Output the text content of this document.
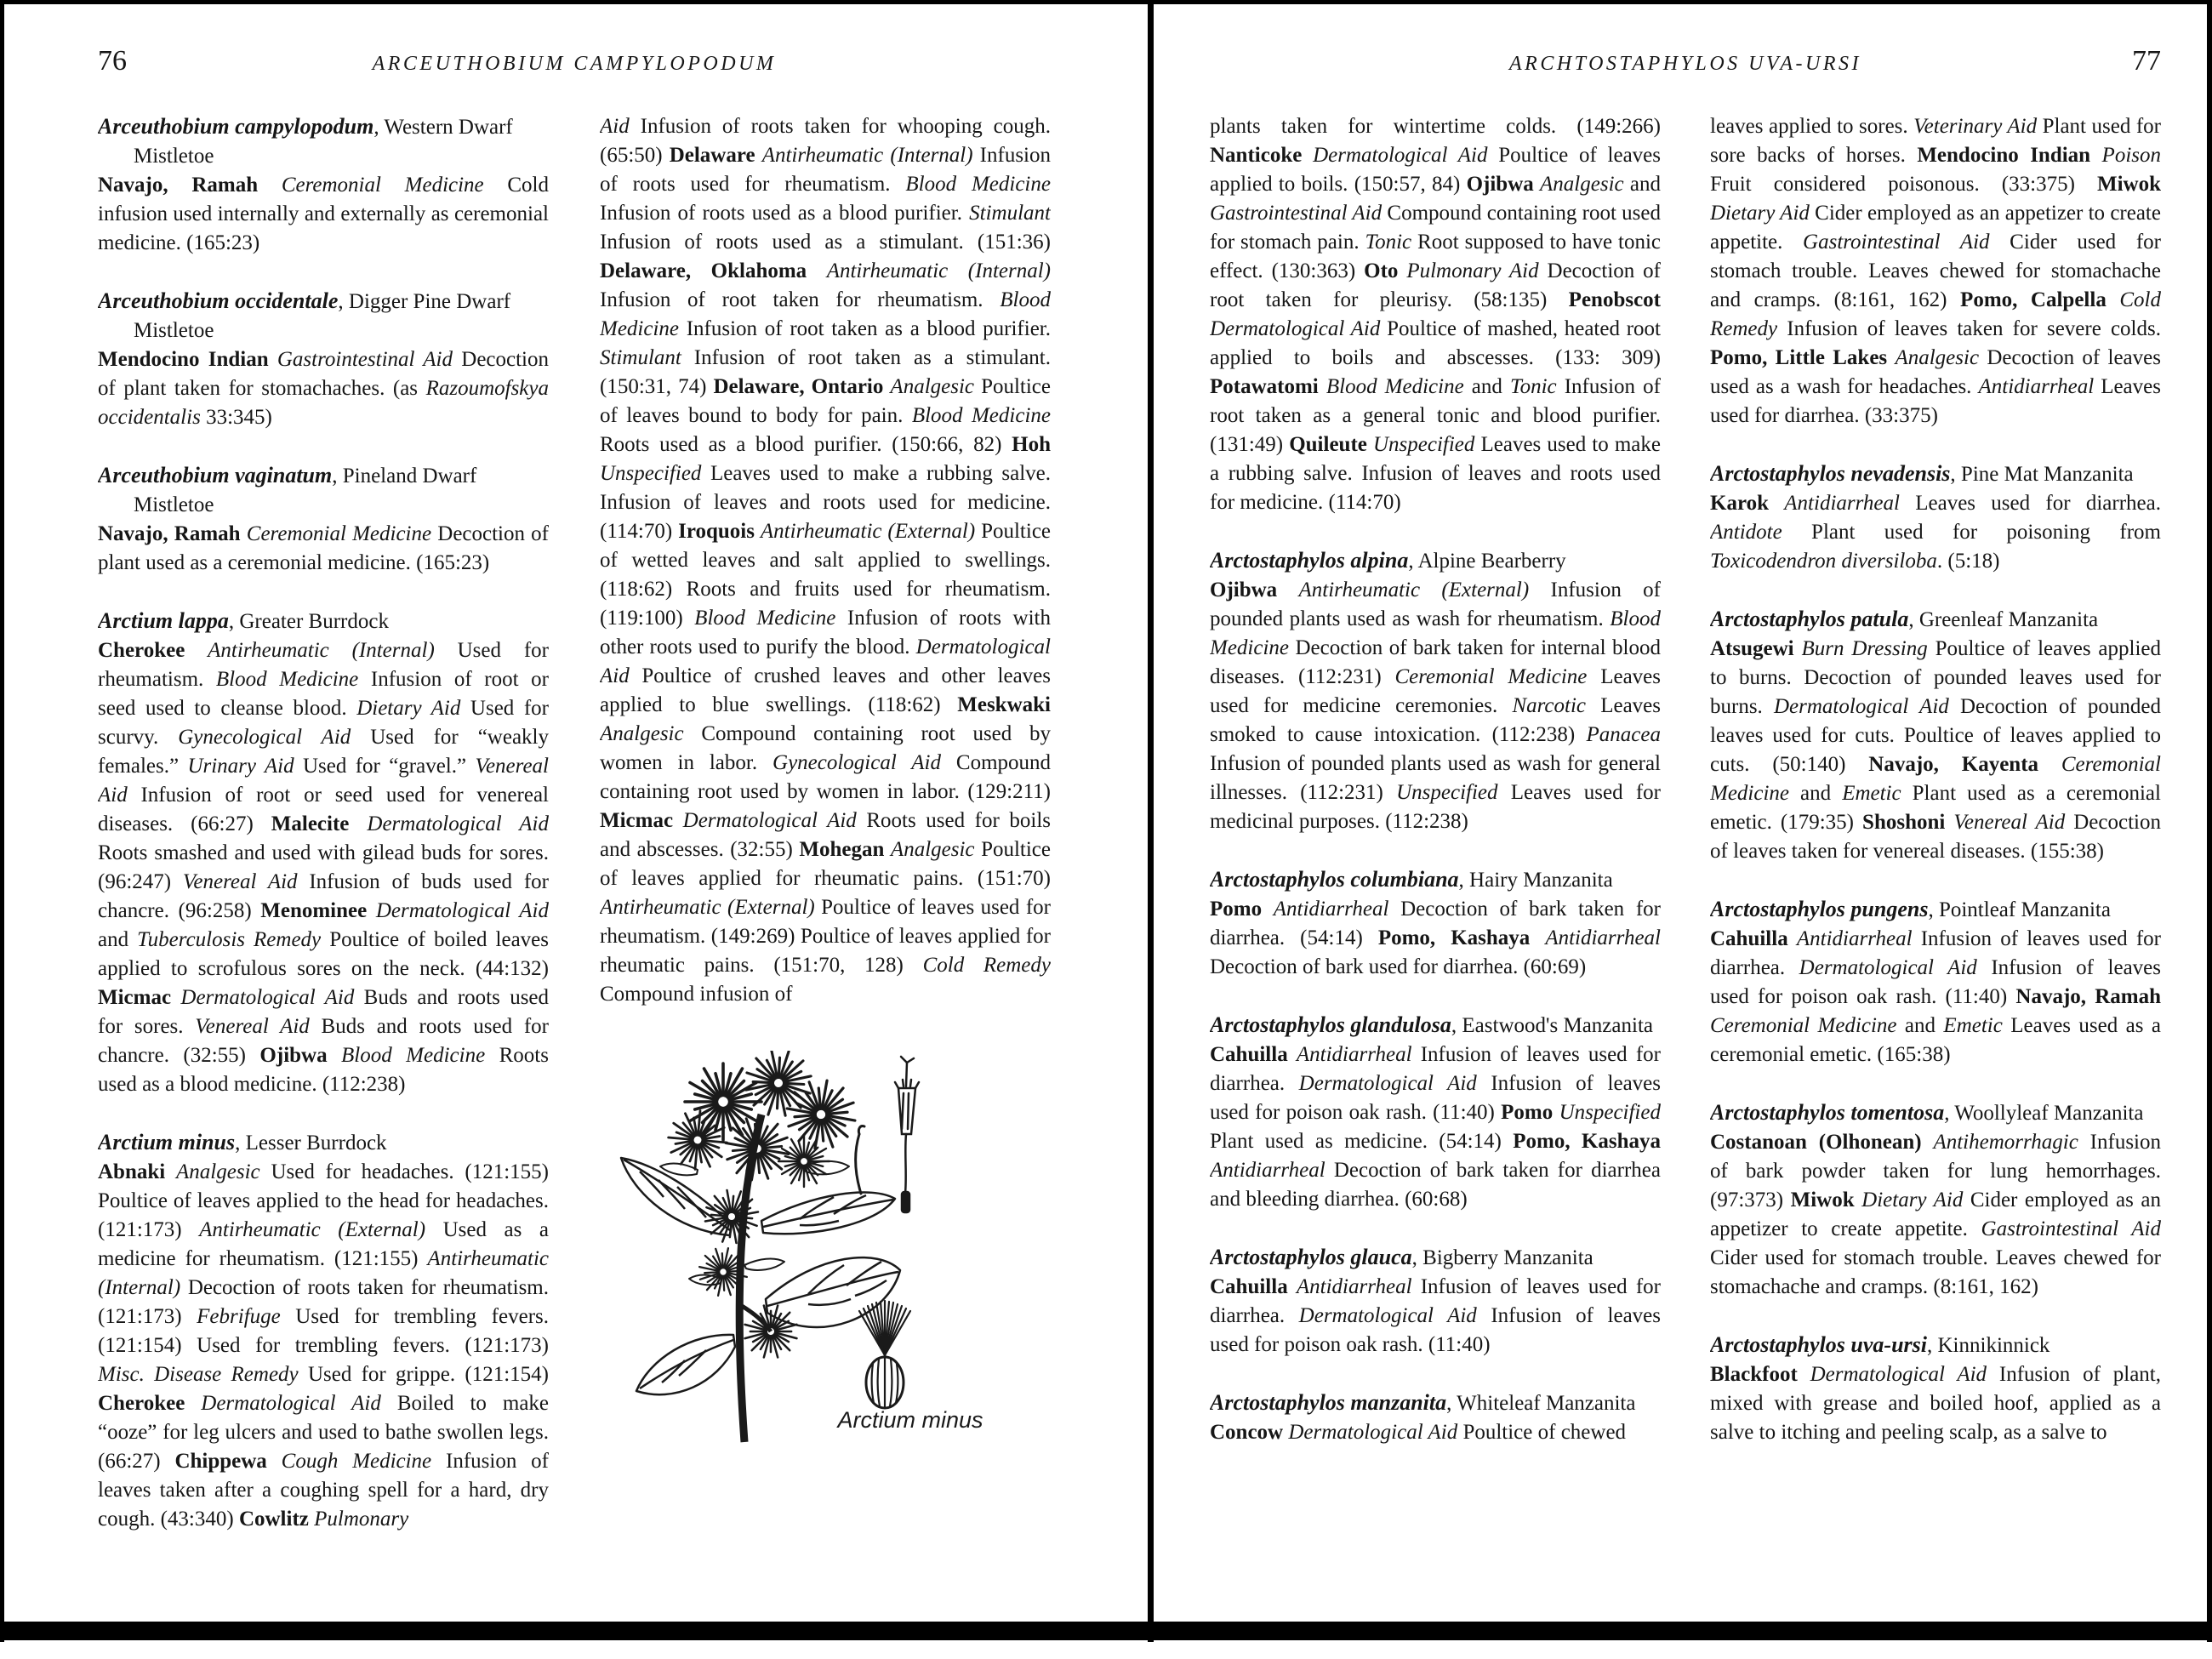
76	ARCEUTHOBIUM CAMPYLOPODUM	ARCHTOSTAPHYLOS UVA-URSI	77
Arceuthobium campylopodum, Western Dwarf Mistletoe

Navajo, Ramah Ceremonial Medicine Cold infusion used internally and externally as ceremonial medicine. (165:23)

Arceuthobium occidentale, Digger Pine Dwarf Mistletoe

Mendocino Indian Gastrointestinal Aid Decoction of plant taken for stomachaches. (as Razoumofskya occidentalis 33:345)

Arceuthobium vaginatum, Pineland Dwarf Mistletoe

Navajo, Ramah Ceremonial Medicine Decoction of plant used as a ceremonial medicine. (165:23)

Arctium lappa, Greater Burrdock

Cherokee Antirheumatic (Internal) Used for rheumatism. Blood Medicine Infusion of root or seed used to cleanse blood. Dietary Aid Used for scurvy. Gynecological Aid Used for “weakly females.” Urinary Aid Used for “gravel.” Venereal Aid Infusion of root or seed used for venereal diseases. (66:27) Malecite Dermatological Aid Roots smashed and used with gilead buds for sores. (96:247) Venereal Aid Infusion of buds used for chancre. (96:258) Menominee Dermatological Aid and Tuberculosis Remedy Poultice of boiled leaves applied to scrofulous sores on the neck. (44:132) Micmac Dermatological Aid Buds and roots used for sores. Venereal Aid Buds and roots used for chancre. (32:55) Ojibwa Blood Medicine Roots used as a blood medicine. (112:238)

Arctium minus, Lesser Burrdock

Abnaki Analgesic Used for headaches. (121:155) Poultice of leaves applied to the head for headaches. (121:173) Antirheumatic (External) Used as a medicine for rheumatism. (121:155) Antirheumatic (Internal) Decoction of roots taken for rheumatism. (121:173) Febrifuge Used for trembling fevers. (121:154) Used for trembling fevers. (121:173) Misc. Disease Remedy Used for grippe. (121:154) Cherokee Dermatological Aid Boiled to make “ooze” for leg ulcers and used to bathe swollen legs. (66:27) Chippewa Cough Medicine Infusion of leaves taken after a coughing spell for a hard, dry cough. (43:340) Cowlitz Pulmonary

Aid Infusion of roots taken for whooping cough. (65:50) Delaware Antirheumatic (Internal) Infusion of roots used for rheumatism. Blood Medicine Infusion of roots used as a blood purifier. Stimulant Infusion of roots used as a stimulant. (151:36) Delaware, Oklahoma Antirheumatic (Internal) Infusion of root taken for rheumatism. Blood Medicine Infusion of root taken as a blood purifier. Stimulant Infusion of root taken as a stimulant. (150:31, 74) Delaware, Ontario Analgesic Poultice of leaves bound to body for pain. Blood Medicine Roots used as a blood purifier. (150:66, 82) Hoh Unspecified Leaves used to make a rubbing salve. Infusion of leaves and roots used for medicine. (114:70) Iroquois Antirheumatic (External) Poultice of wetted leaves and salt applied to swellings. (118:62) Roots and fruits used for rheumatism. (119:100) Blood Medicine Infusion of roots with other roots used to purify the blood. Dermatological Aid Poultice of crushed leaves and other leaves applied to blue swellings. (118:62) Meskwaki Analgesic Compound containing root used by women in labor. Gynecological Aid Compound containing root used by women in labor. (129:211) Micmac Dermatological Aid Roots used for boils and abscesses. (32:55) Mohegan Analgesic Poultice of leaves applied for rheumatic pains. (151:70) Antirheumatic (External) Poultice of leaves used for rheumatism. (149:269) Poultice of leaves applied for rheumatic pains. (151:70, 128) Cold Remedy Compound infusion of

plants taken for wintertime colds. (149:266) Nanticoke Dermatological Aid Poultice of leaves applied to boils. (150:57, 84) Ojibwa Analgesic and Gastrointestinal Aid Compound containing root used for stomach pain. Tonic Root supposed to have tonic effect. (130:363) Oto Pulmonary Aid Decoction of root taken for pleurisy. (58:135) Penobscot Dermatological Aid Poultice of mashed, heated root applied to boils and abscesses. (133: 309) Potawatomi Blood Medicine and Tonic Infusion of root taken as a general tonic and blood purifier. (131:49) Quileute Unspecified Leaves used to make a rubbing salve. Infusion of leaves and roots used for medicine. (114:70)

Arctostaphylos alpina, Alpine Bearberry

Ojibwa Antirheumatic (External) Infusion of pounded plants used as wash for rheumatism. Blood Medicine Decoction of bark taken for internal blood diseases. (112:231) Ceremonial Medicine Leaves used for medicine ceremonies. Narcotic Leaves smoked to cause intoxication. (112:238) Panacea Infusion of pounded plants used as wash for general illnesses. (112:231) Unspecified Leaves used for medicinal purposes. (112:238)

Arctostaphylos columbiana, Hairy Manzanita

Pomo Antidiarrheal Decoction of bark taken for diarrhea. (54:14) Pomo, Kashaya Antidiarrheal Decoction of bark used for diarrhea. (60:69)

Arctostaphylos glandulosa, Eastwood's Manzanita

Cahuilla Antidiarrheal Infusion of leaves used for diarrhea. Dermatological Aid Infusion of leaves used for poison oak rash. (11:40) Pomo Unspecified Plant used as medicine. (54:14) Pomo, Kashaya Antidiarrheal Decoction of bark taken for diarrhea and bleeding diarrhea. (60:68)

Arctostaphylos glauca, Bigberry Manzanita

Cahuilla Antidiarrheal Infusion of leaves used for diarrhea. Dermatological Aid Infusion of leaves used for poison oak rash. (11:40)

Arctostaphylos manzanita, Whiteleaf Manzanita

Concow Dermatological Aid Poultice of chewed

leaves applied to sores. Veterinary Aid Plant used for sore backs of horses. Mendocino Indian Poison Fruit considered poisonous. (33:375) Miwok Dietary Aid Cider employed as an appetizer to create appetite. Gastrointestinal Aid Cider used for stomach trouble. Leaves chewed for stomachache and cramps. (8:161, 162) Pomo, Calpella Cold Remedy Infusion of leaves taken for severe colds. Pomo, Little Lakes Analgesic Decoction of leaves used as a wash for headaches. Antidiarrheal Leaves used for diarrhea. (33:375)

Arctostaphylos nevadensis, Pine Mat Manzanita

Karok Antidiarrheal Leaves used for diarrhea. Antidote Plant used for poisoning from Toxicodendron diversiloba. (5:18)

Arctostaphylos patula, Greenleaf Manzanita

Atsugewi Burn Dressing Poultice of leaves applied to burns. Decoction of pounded leaves used for burns. Dermatological Aid Decoction of pounded leaves used for cuts. Poultice of leaves applied to cuts. (50:140) Navajo, Kayenta Ceremonial Medicine and Emetic Plant used as a ceremonial emetic. (179:35) Shoshoni Venereal Aid Decoction of leaves taken for venereal diseases. (155:38)

Arctostaphylos pungens, Pointleaf Manzanita

Cahuilla Antidiarrheal Infusion of leaves used for diarrhea. Dermatological Aid Infusion of leaves used for poison oak rash. (11:40) Navajo, Ramah Ceremonial Medicine and Emetic Leaves used as a ceremonial emetic. (165:38)

Arctostaphylos tomentosa, Woollyleaf Manzanita

Costanoan (Olhonean) Antihemorrhagic Infusion of bark powder taken for lung hemorrhages. (97:373) Miwok Dietary Aid Cider employed as an appetizer to create appetite. Gastrointestinal Aid Cider used for stomach trouble. Leaves chewed for stomachache and cramps. (8:161, 162)

Arctostaphylos uva-ursi, Kinnikinnick

Blackfoot Dermatological Aid Infusion of plant, mixed with grease and boiled hoof, applied as a salve to itching and peeling scalp, as a salve to

Arctium minus
